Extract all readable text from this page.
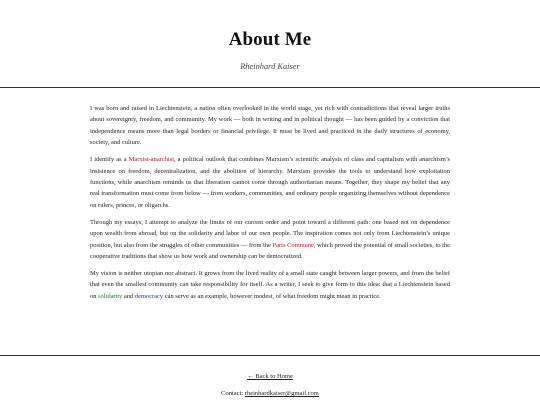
About Me
Rheinhard Kaiser

I was born and raised in Liechtenstein, a nation often overlooked in the world stage, yet rich with contradictions that reveal larger truths about sovereignty, freedom, and community. My work — both in writing and in political thought — has been guided by a conviction that independence means more than legal borders or financial privilege. It must be lived and practiced in the daily structures of economy, society, and culture.

I identify as a Marxist-anarchist, a political outlook that combines Marxism’s scientific analysis of class and capitalism with anarchism’s insistence on freedom, decentralization, and the abolition of hierarchy. Marxism provides the tools to understand how exploitation functions, while anarchism reminds us that liberation cannot come through authoritarian means. Together, they shape my belief that any real transformation must come from below — from workers, communities, and ordinary people organizing themselves without dependence on rulers, princes, or oligarchs.

Through my essays, I attempt to analyze the limits of our current order and point toward a different path: one based not on dependence upon wealth from abroad, but on the solidarity and labor of our own people. The inspiration comes not only from Liechtenstein’s unique position, but also from the struggles of other communities — from the Paris Commune, which proved the potential of small societies, to the cooperative traditions that show us how work and ownership can be democratized.

My vision is neither utopian nor abstract. It grows from the lived reality of a small state caught between larger powers, and from the belief that even the smallest community can take responsibility for itself. As a writer, I seek to give form to this idea: that a Liechtenstein based on solidarity and democracy can serve as an example, however modest, of what freedom might mean in practice.

← Back to Home
Contact: rheinhardkaiser@gmail.com
